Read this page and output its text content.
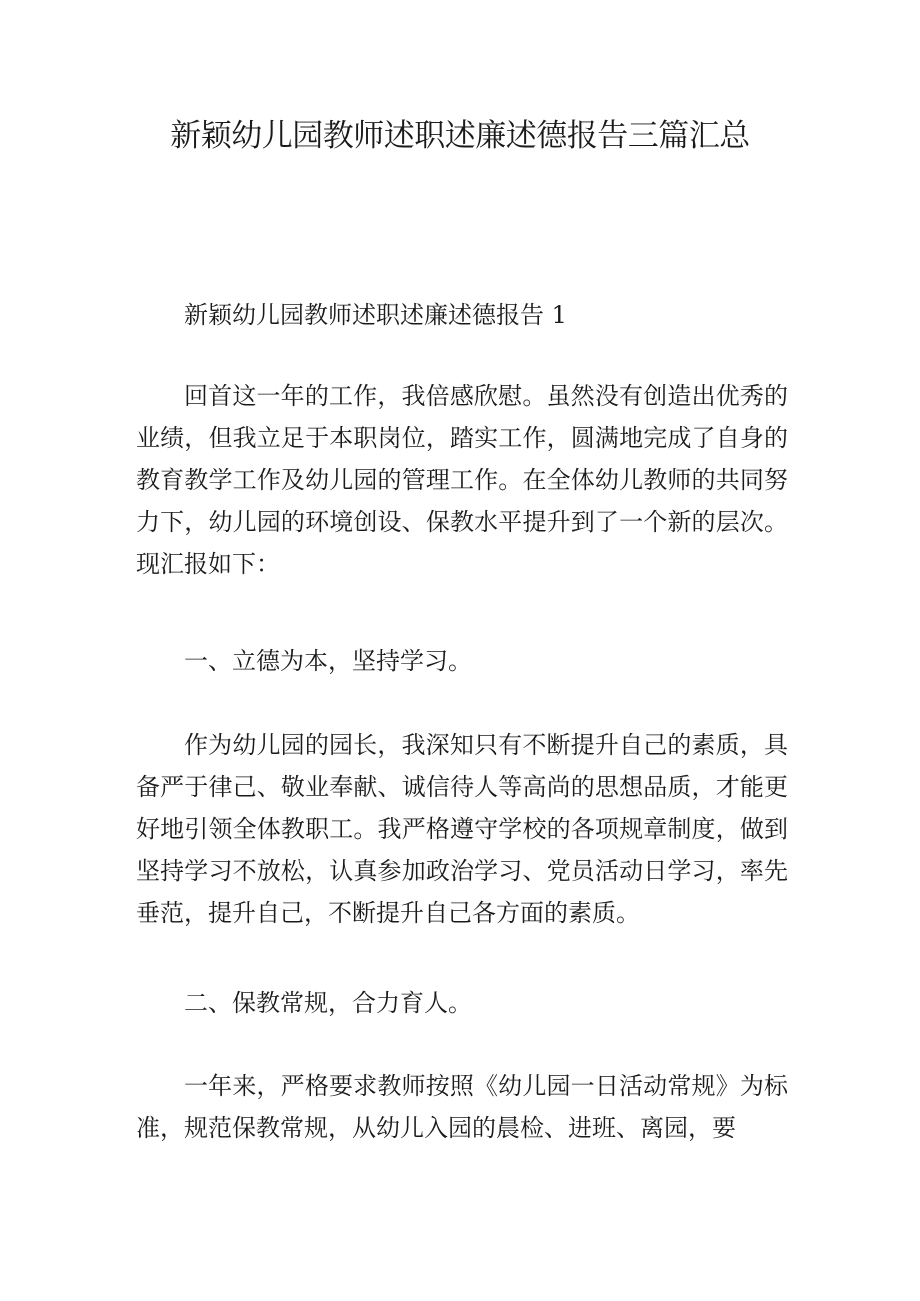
新颖幼儿园教师述职述廉述德报告三篇汇总

新颖幼儿园教师述职述廉述德报告 1

回首这一年的工作，我倍感欣慰。虽然没有创造出优秀的业绩，但我立足于本职岗位，踏实工作，圆满地完成了自身的教育教学工作及幼儿园的管理工作。在全体幼儿教师的共同努力下，幼儿园的环境创设、保教水平提升到了一个新的层次。现汇报如下：

一、立德为本，坚持学习。

作为幼儿园的园长，我深知只有不断提升自己的素质，具备严于律己、敬业奉献、诚信待人等高尚的思想品质，才能更好地引领全体教职工。我严格遵守学校的各项规章制度，做到坚持学习不放松，认真参加政治学习、党员活动日学习，率先垂范，提升自己，不断提升自己各方面的素质。

二、保教常规，合力育人。

一年来，严格要求教师按照《幼儿园一日活动常规》为标准，规范保教常规，从幼儿入园的晨检、进班、离园，要
